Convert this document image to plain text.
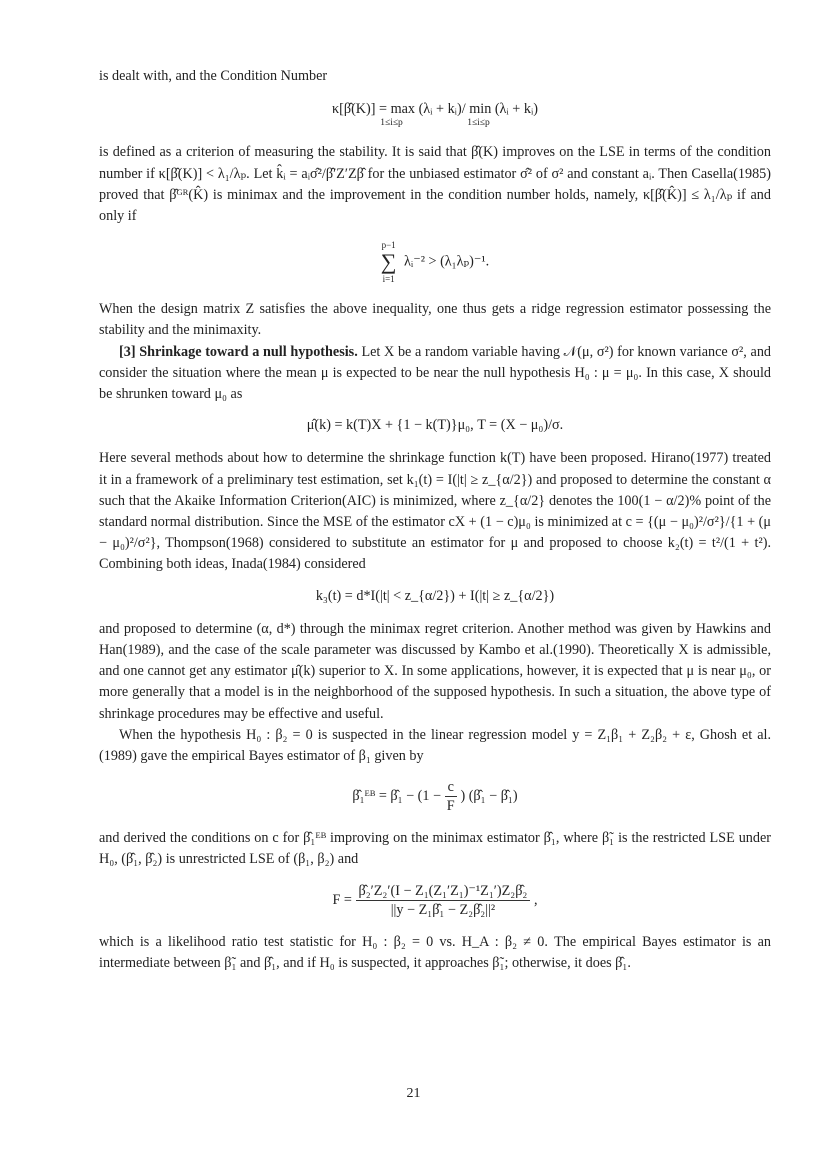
is dealt with, and the Condition Number

κ[β̂(K)] = max (λᵢ + kᵢ)/ min (λᵢ + kᵢ)
1≤i≤p	1≤i≤p

is defined as a criterion of measuring the stability. It is said that β̂(K) improves on the LSE in terms of the condition number if κ[β̂(K)] < λ₁/λₚ. Let k̂ᵢ = aᵢσ̂²/β̂′Z′Zβ̂ for the unbiased estimator σ̂² of σ² and constant aᵢ. Then Casella(1985) proved that β̂ᴳᴿ(K̂) is minimax and the improvement in the condition number holds, namely, κ[β̂(K̂)] ≤ λ₁/λₚ if and only if

p−1
∑
i=1
λᵢ⁻² > (λ₁λₚ)⁻¹.

When the design matrix Z satisfies the above inequality, one thus gets a ridge regression estimator possessing the stability and the minimaxity.

[3] Shrinkage toward a null hypothesis. Let X be a random variable having 𝒩(μ, σ²) for known variance σ², and consider the situation where the mean μ is expected to be near the null hypothesis H₀ : μ = μ₀. In this case, X should be shrunken toward μ₀ as

μ̂(k) = k(T)X + {1 − k(T)}μ₀, T = (X − μ₀)/σ.

Here several methods about how to determine the shrinkage function k(T) have been proposed. Hirano(1977) treated it in a framework of a preliminary test estimation, set k₁(t) = I(|t| ≥ z_{α/2}) and proposed to determine the constant α such that the Akaike Information Criterion(AIC) is minimized, where z_{α/2} denotes the 100(1 − α/2)% point of the standard normal distribution. Since the MSE of the estimator cX + (1 − c)μ₀ is minimized at c = {(μ − μ₀)²/σ²}/{1 + (μ − μ₀)²/σ²}, Thompson(1968) considered to substitute an estimator for μ and proposed to choose k₂(t) = t²/(1 + t²). Combining both ideas, Inada(1984) considered

k₃(t) = d*I(|t| < z_{α/2}) + I(|t| ≥ z_{α/2})

and proposed to determine (α, d*) through the minimax regret criterion. Another method was given by Hawkins and Han(1989), and the case of the scale parameter was discussed by Kambo et al.(1990). Theoretically X is admissible, and one cannot get any estimator μ̂(k) superior to X. In some applications, however, it is expected that μ is near μ₀, or more generally that a model is in the neighborhood of the supposed hypothesis. In such a situation, the above type of shrinkage procedures may be effective and useful.

When the hypothesis H₀ : β₂ = 0 is suspected in the linear regression model y = Z₁β₁ + Z₂β₂ + ε, Ghosh et al.(1989) gave the empirical Bayes estimator of β₁ given by

β̂₁ᴱᴮ = β̂₁ − ($1 - \frac{c}{F}$ ) (β̂₁ − β̂₁)

and derived the conditions on c for β̂₁ᴱᴮ improving on the minimax estimator β̂₁, where β̃₁ is the restricted LSE under H₀, (β̂₁, β̂₂) is unrestricted LSE of (β₁, β₂) and

$F = \frac{\text{β̂₂′Z₂′(I − Z₁(Z₁′Z₁)⁻¹Z₁′)Z₂β̂₂}}{\text{||y − Z₁β̂₁ − Z₂β̂₂||²}}$ ,

which is a likelihood ratio test statistic for H₀ : β₂ = 0 vs. H_A : β₂ ≠ 0. The empirical Bayes estimator is an intermediate between β̃₁ and β̂₁, and if H₀ is suspected, it approaches β̃₁; otherwise, it does β̂₁.

21
